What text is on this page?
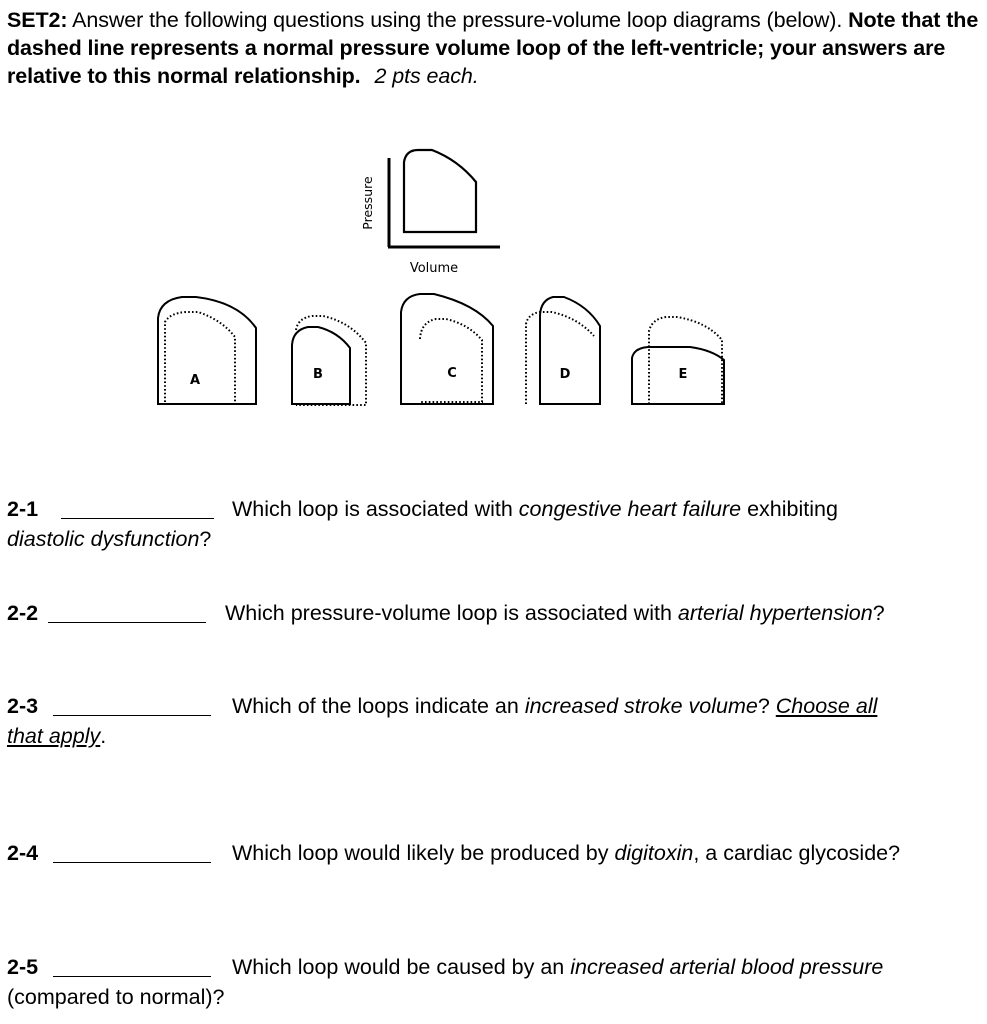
SET2: Answer the following questions using the pressure-volume loop diagrams (below). Note that the dashed line represents a normal pressure volume loop of the left-ventricle; your answers are relative to this normal relationship. 2 pts each.
Pressure
Volume
A	B	C	D	E
2-1	Which loop is associated with congestive heart failure exhibiting
diastolic dysfunction?
2-2	Which pressure-volume loop is associated with arterial hypertension?
2-3	Which of the loops indicate an increased stroke volume? Choose all
that apply.
2-4	Which loop would likely be produced by digitoxin, a cardiac glycoside?
2-5	Which loop would be caused by an increased arterial blood pressure
(compared to normal)?
